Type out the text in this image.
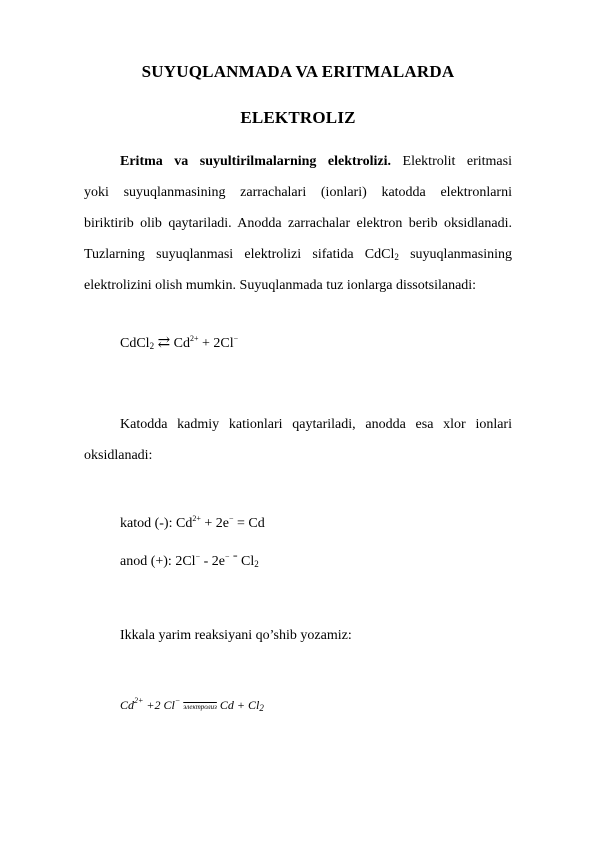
SUYUQLANMADA VA ERITMALARDA
ELEKTROLIZ
Eritma va suyultirilmalarning elektrolizi. Elektrolit eritmasi
yoki suyuqlanmasining zarrachalari (ionlari) katodda elektronlarni
biriktirib olib qaytariladi. Anodda zarrachalar elektron berib oksidlanadi.
Tuzlarning suyuqlanmasi elektrolizi sifatida CdCl$_2$ suyuqlanmasining
elektrolizini olish mumkin. Suyuqlanmada tuz ionlarga dissotsilanadi:
CdCl$_2$ ⇄ $Cd^{2+} + 2Cl^-$
Katodda kadmiy kationlari qaytariladi, anodda esa xlor ionlari
oksidlanadi:
katod (-): $Cd^{2+} + 2e^- = Cd$
anod (+): 2Cl− - 2e− = $Cl_2$
Ikkala yarim reaksiyani qo’shib yozamiz:
$Cd^{2+} +2$ Cl− электролиз $Cd + Cl_2$
